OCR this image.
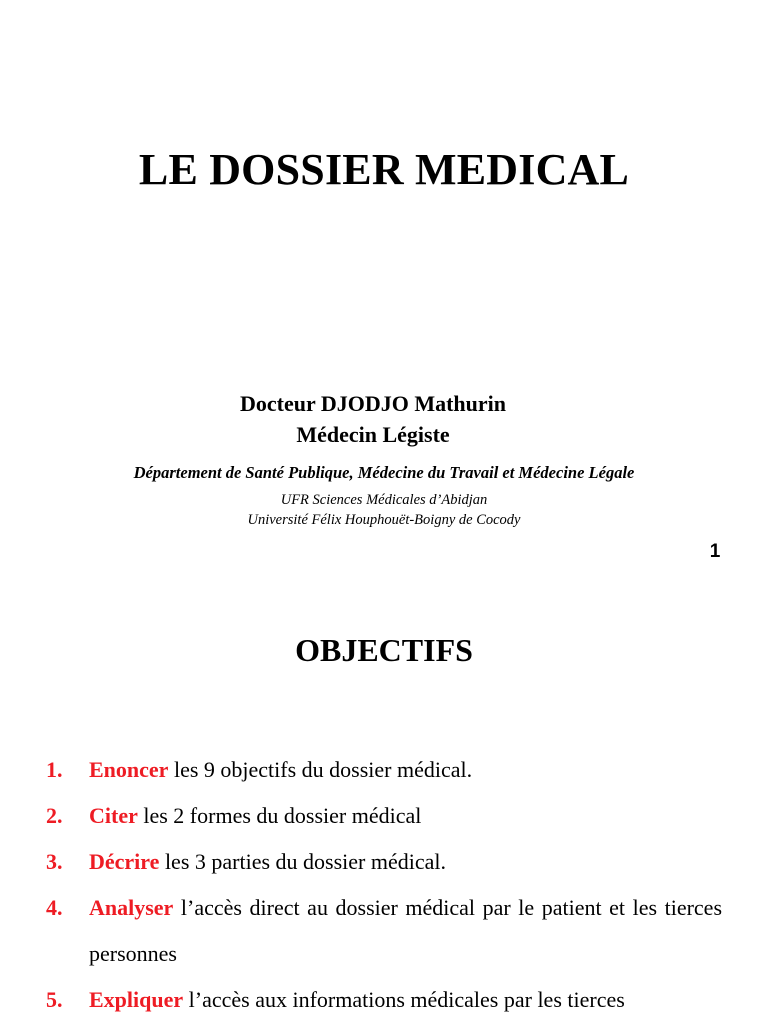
LE DOSSIER MEDICAL
Docteur DJODJO Mathurin
Médecin Légiste
Département de Santé Publique, Médecine du Travail et Médecine Légale
UFR Sciences Médicales d’Abidjan
Université Félix Houphouët-Boigny de Cocody
1
OBJECTIFS
1. Enoncer les 9 objectifs du dossier médical.
2. Citer les 2 formes du dossier médical
3. Décrire les 3 parties du dossier médical.
4. Analyser l’accès direct au dossier médical par le patient et les tierces personnes
5. Expliquer l’accès aux informations médicales par les tierces
